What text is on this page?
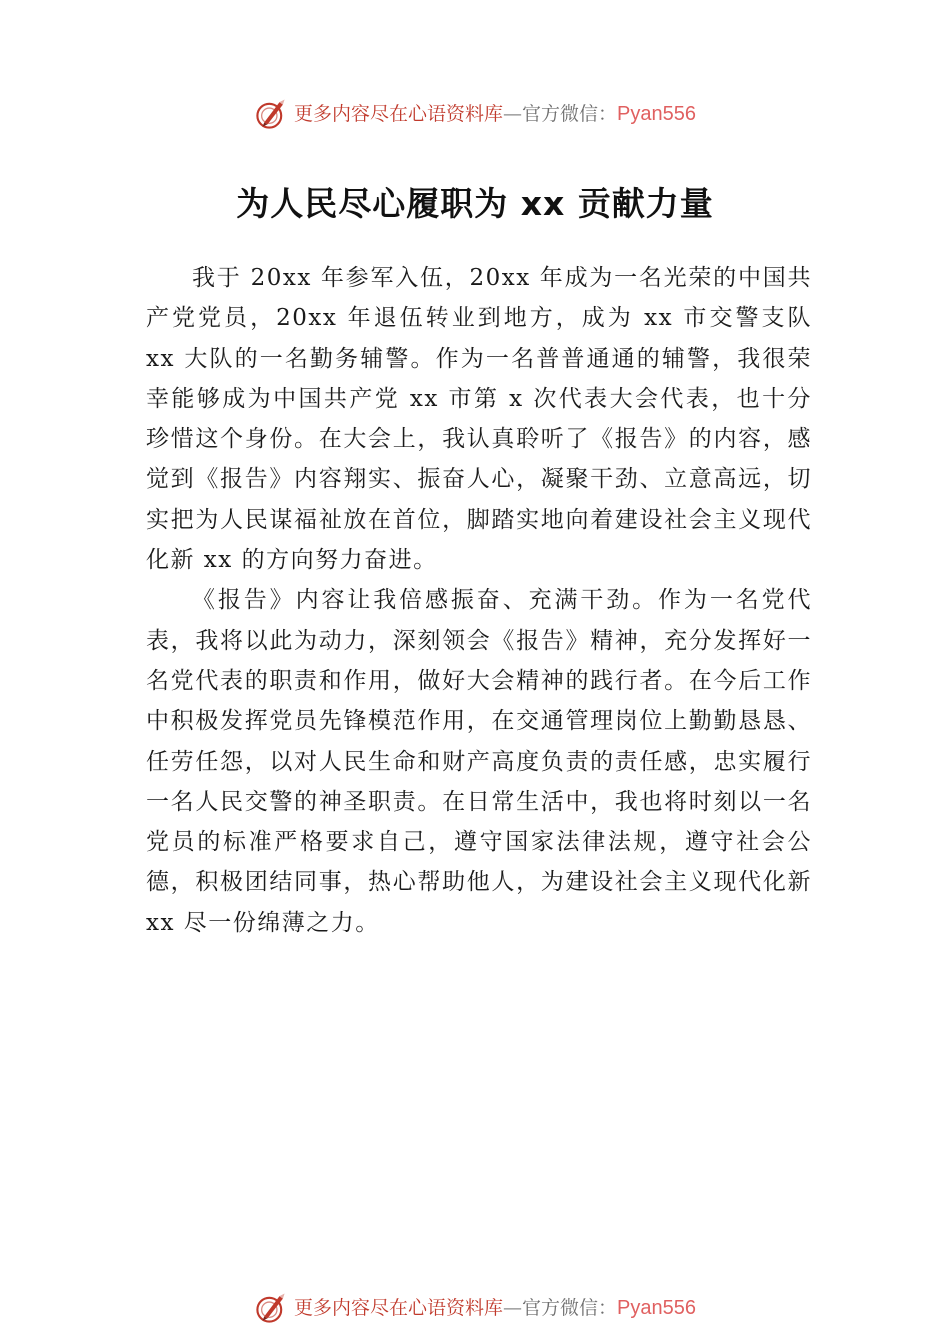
更多内容尽在心语资料库 — 官方微信： Pyan556
为人民尽心履职为 xx 贡献力量

我于 20xx 年参军入伍，20xx 年成为一名光荣的中国共产党党员，20xx 年退伍转业到地方，成为 xx 市交警支队 xx 大队的一名勤务辅警。作为一名普普通通的辅警，我很荣幸能够成为中国共产党 xx 市第 x 次代表大会代表，也十分珍惜这个身份。在大会上，我认真聆听了《报告》的内容，感觉到《报告》内容翔实、振奋人心，凝聚干劲、立意高远，切实把为人民谋福祉放在首位，脚踏实地向着建设社会主义现代化新 xx 的方向努力奋进。

《报告》内容让我倍感振奋、充满干劲。作为一名党代表，我将以此为动力，深刻领会《报告》精神，充分发挥好一名党代表的职责和作用，做好大会精神的践行者。在今后工作中积极发挥党员先锋模范作用，在交通管理岗位上勤勤恳恳、任劳任怨，以对人民生命和财产高度负责的责任感，忠实履行一名人民交警的神圣职责。在日常生活中，我也将时刻以一名党员的标准严格要求自己，遵守国家法律法规，遵守社会公德，积极团结同事，热心帮助他人，为建设社会主义现代化新 xx 尽一份绵薄之力。

更多内容尽在心语资料库 — 官方微信： Pyan556
